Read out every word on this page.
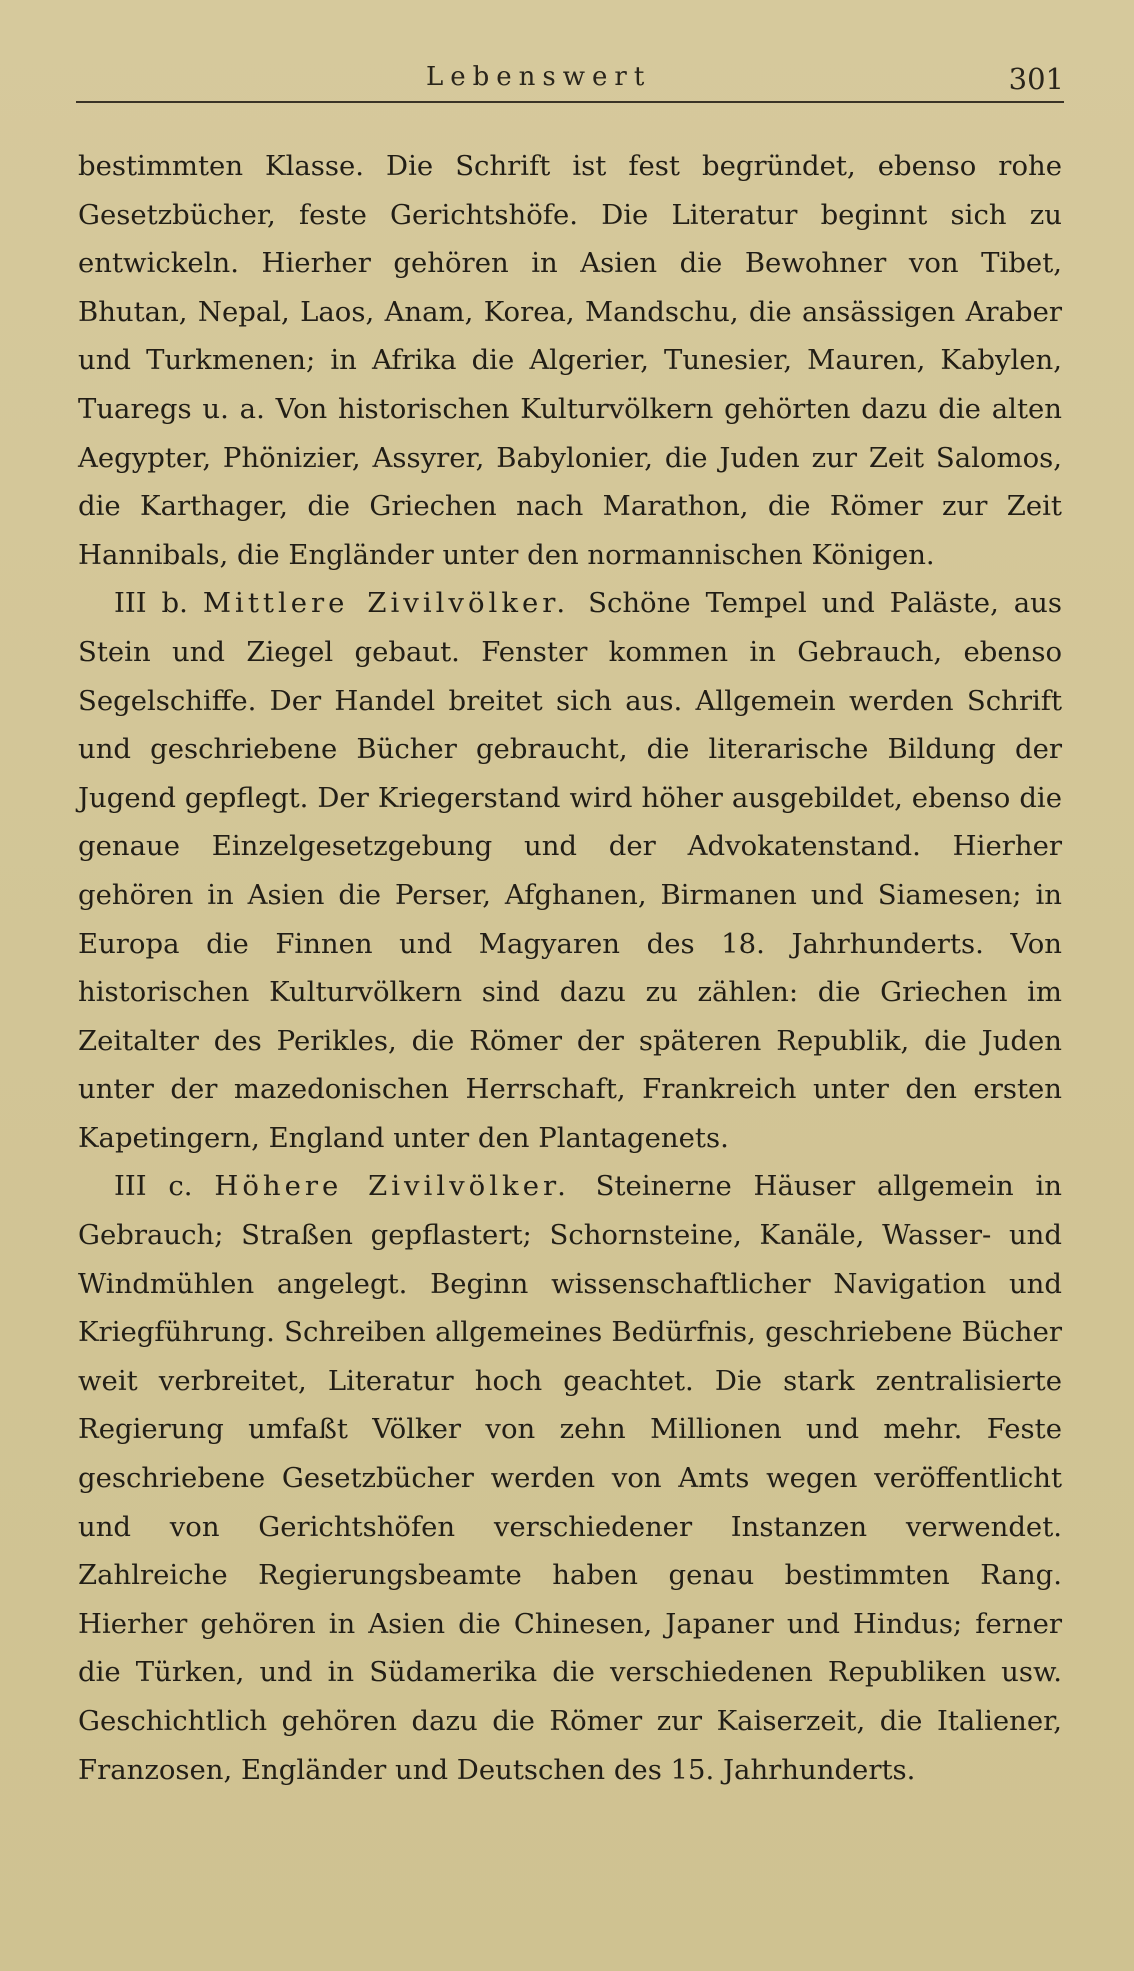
Lebenswert	301

bestimmten Klasse. Die Schrift ist fest begründet, ebenso rohe Gesetzbücher, feste Gerichtshöfe. Die Literatur beginnt sich zu entwickeln. Hierher gehören in Asien die Bewohner von Tibet, Bhutan, Nepal, Laos, Anam, Korea, Mandschu, die ansässigen Araber und Turkmenen; in Afrika die Algerier, Tunesier, Mauren, Kabylen, Tuaregs u. a. Von historischen Kulturvölkern gehörten dazu die alten Aegypter, Phönizier, Assyrer, Babylonier, die Juden zur Zeit Salomos, die Karthager, die Griechen nach Marathon, die Römer zur Zeit Hannibals, die Engländer unter den normannischen Königen.

III b. Mittlere Zivilvölker. Schöne Tempel und Paläste, aus Stein und Ziegel gebaut. Fenster kommen in Gebrauch, ebenso Segelschiffe. Der Handel breitet sich aus. Allgemein werden Schrift und geschriebene Bücher gebraucht, die literarische Bildung der Jugend gepflegt. Der Kriegerstand wird höher ausgebildet, ebenso die genaue Einzelgesetzgebung und der Advokatenstand. Hierher gehören in Asien die Perser, Afghanen, Birmanen und Siamesen; in Europa die Finnen und Magyaren des 18. Jahrhunderts. Von historischen Kulturvölkern sind dazu zu zählen: die Griechen im Zeitalter des Perikles, die Römer der späteren Republik, die Juden unter der mazedonischen Herrschaft, Frankreich unter den ersten Kapetingern, England unter den Plantagenets.

III c. Höhere Zivilvölker. Steinerne Häuser allgemein in Gebrauch; Straßen gepflastert; Schornsteine, Kanäle, Wasser- und Windmühlen angelegt. Beginn wissenschaftlicher Navigation und Kriegführung. Schreiben allgemeines Bedürfnis, geschriebene Bücher weit verbreitet, Literatur hoch geachtet. Die stark zentralisierte Regierung umfaßt Völker von zehn Millionen und mehr. Feste geschriebene Gesetzbücher werden von Amts wegen veröffentlicht und von Gerichtshöfen verschiedener Instanzen verwendet. Zahlreiche Regierungsbeamte haben genau bestimmten Rang. Hierher gehören in Asien die Chinesen, Japaner und Hindus; ferner die Türken, und in Südamerika die verschiedenen Republiken usw. Geschichtlich gehören dazu die Römer zur Kaiserzeit, die Italiener, Franzosen, Engländer und Deutschen des 15. Jahrhunderts.
